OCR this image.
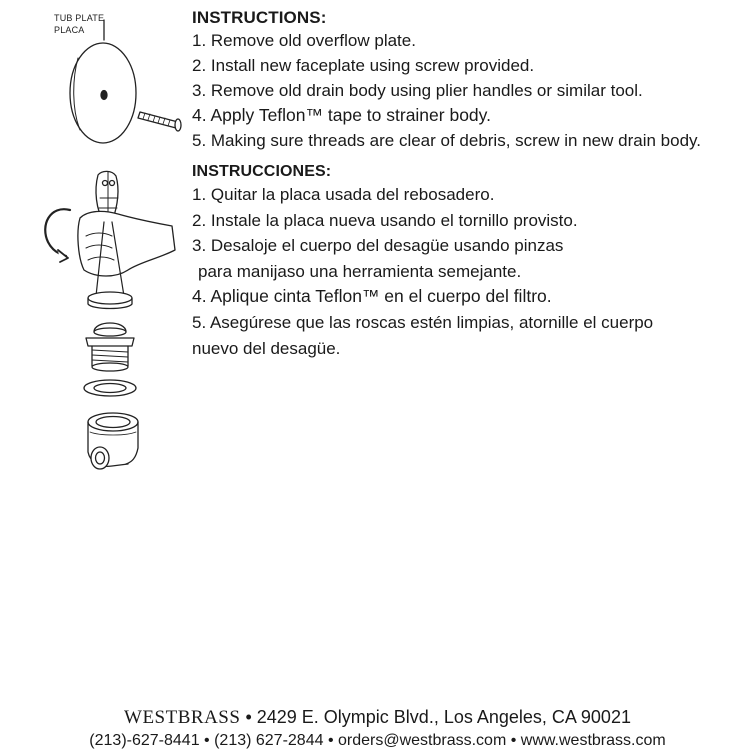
TUB PLATE
PLACA
INSTRUCTIONS:
1. Remove old overflow plate.
2. Install new faceplate using screw provided.
3. Remove old drain body using plier handles or similar tool.
4. Apply Teflon™ tape to strainer body.
5. Making sure threads are clear of debris, screw in new drain body.
INSTRUCCIONES:
1. Quitar la placa usada del rebosadero.
2. Instale la placa nueva usando el tornillo provisto.
3. Desaloje el cuerpo del desagüe usando pinzas
para manijaso una herramienta semejante.
4. Aplique cinta Teflon™ en el cuerpo del filtro.
5. Asegúrese que las roscas estén limpias, atornille el cuerpo
nuevo del desagüe.
WESTBRASS • 2429 E. Olympic Blvd., Los Angeles, CA 90021
(213)-627-8441 • (213) 627-2844 • orders@westbrass.com • www.westbrass.com
